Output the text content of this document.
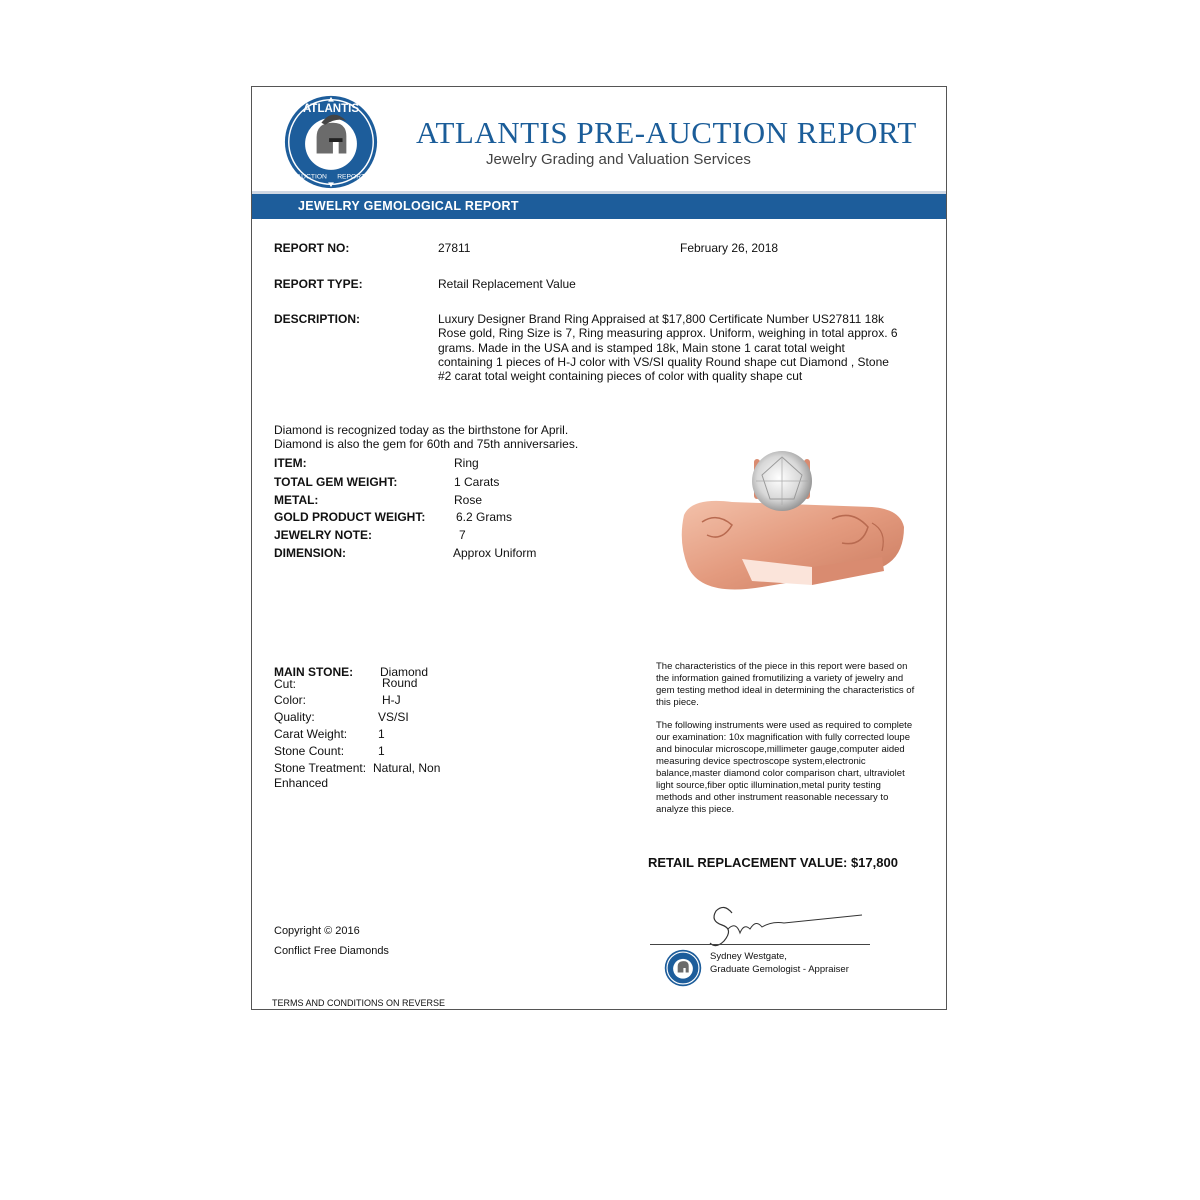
ATLANTIS
AUCTION REPORT
ATLANTIS PRE-AUCTION REPORT
Jewelry Grading and Valuation Services
JEWELRY GEMOLOGICAL REPORT
REPORT NO:	27811	February 26, 2018
REPORT TYPE:	Retail Replacement Value
DESCRIPTION:	Luxury Designer Brand Ring Appraised at $17,800 Certificate Number US27811 18k Rose gold, Ring Size is 7, Ring measuring approx. Uniform, weighing in total approx. 6 grams. Made in the USA and is stamped 18k, Main stone 1 carat total weight containing 1 pieces of H-J color with VS/SI quality Round shape cut Diamond , Stone #2 carat total weight containing pieces of color with quality shape cut
Diamond is recognized today as the birthstone for April.
Diamond is also the gem for 60th and 75th anniversaries.
ITEM:	Ring
TOTAL GEM WEIGHT:	1 Carats
METAL:	Rose
GOLD PRODUCT WEIGHT:	6.2 Grams
JEWELRY NOTE:	7
DIMENSION:	Approx Uniform
MAIN STONE: Diamond
Cut:	Round
Color:	H-J
Quality:	VS/SI
Carat Weight:	1
Stone Count:	1
Stone Treatment: Natural, Non
Enhanced
The characteristics of the piece in this report were based on the information gained fromutilizing a variety of jewelry and gem testing method ideal in determining the characteristics of this piece.
The following instruments were used as required to complete our examination: 10x magnification with fully corrected loupe and binocular microscope,millimeter gauge,computer aided measuring device spectroscope system,electronic balance,master diamond color comparison chart, ultraviolet light source,fiber optic illumination,metal purity testing methods and other instrument reasonable necessary to analyze this piece.
RETAIL REPLACEMENT VALUE: $17,800
Copyright © 2016
Conflict Free Diamonds
TERMS AND CONDITIONS ON REVERSE
Sydney Westgate,
Graduate Gemologist - Appraiser
